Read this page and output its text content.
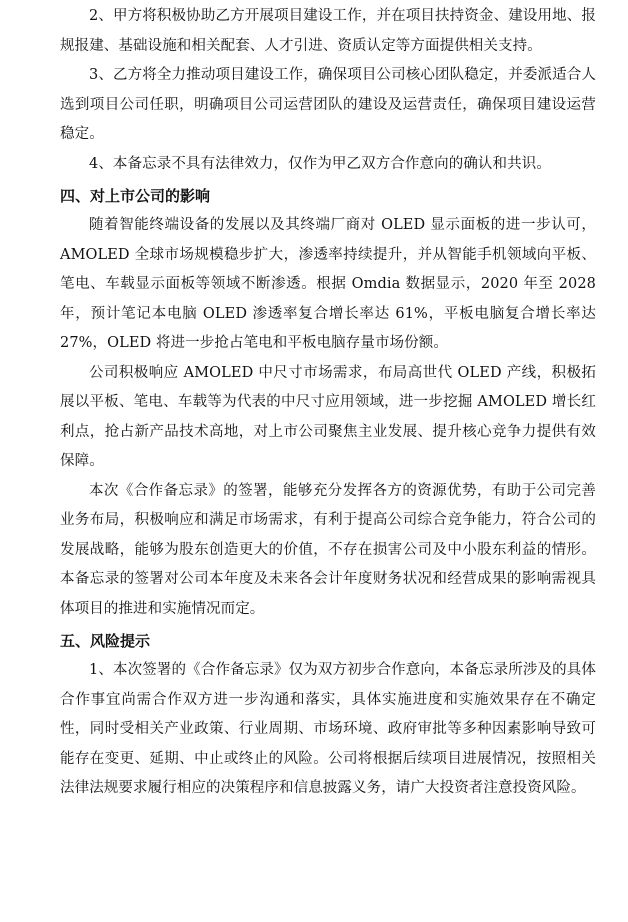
2、甲方将积极协助乙方开展项目建设工作，并在项目扶持资金、建设用地、报规报建、基础设施和相关配套、人才引进、资质认定等方面提供相关支持。

3、乙方将全力推动项目建设工作，确保项目公司核心团队稳定，并委派适合人选到项目公司任职，明确项目公司运营团队的建设及运营责任，确保项目建设运营稳定。

4、本备忘录不具有法律效力，仅作为甲乙双方合作意向的确认和共识。

四、对上市公司的影响

随着智能终端设备的发展以及其终端厂商对 OLED 显示面板的进一步认可，AMOLED 全球市场规模稳步扩大，渗透率持续提升，并从智能手机领域向平板、笔电、车载显示面板等领域不断渗透。根据 Omdia 数据显示，2020 年至 2028 年，预计笔记本电脑 OLED 渗透率复合增长率达 61%，平板电脑复合增长率达 27%，OLED 将进一步抢占笔电和平板电脑存量市场份额。

公司积极响应 AMOLED 中尺寸市场需求，布局高世代 OLED 产线，积极拓展以平板、笔电、车载等为代表的中尺寸应用领域，进一步挖掘 AMOLED 增长红利点，抢占新产品技术高地，对上市公司聚焦主业发展、提升核心竞争力提供有效保障。

本次《合作备忘录》的签署，能够充分发挥各方的资源优势，有助于公司完善业务布局，积极响应和满足市场需求，有利于提高公司综合竞争能力，符合公司的发展战略，能够为股东创造更大的价值，不存在损害公司及中小股东利益的情形。本备忘录的签署对公司本年度及未来各会计年度财务状况和经营成果的影响需视具体项目的推进和实施情况而定。

五、风险提示

1、本次签署的《合作备忘录》仅为双方初步合作意向，本备忘录所涉及的具体合作事宜尚需合作双方进一步沟通和落实，具体实施进度和实施效果存在不确定性，同时受相关产业政策、行业周期、市场环境、政府审批等多种因素影响导致可能存在变更、延期、中止或终止的风险。公司将根据后续项目进展情况，按照相关法律法规要求履行相应的决策程序和信息披露义务，请广大投资者注意投资风险。
